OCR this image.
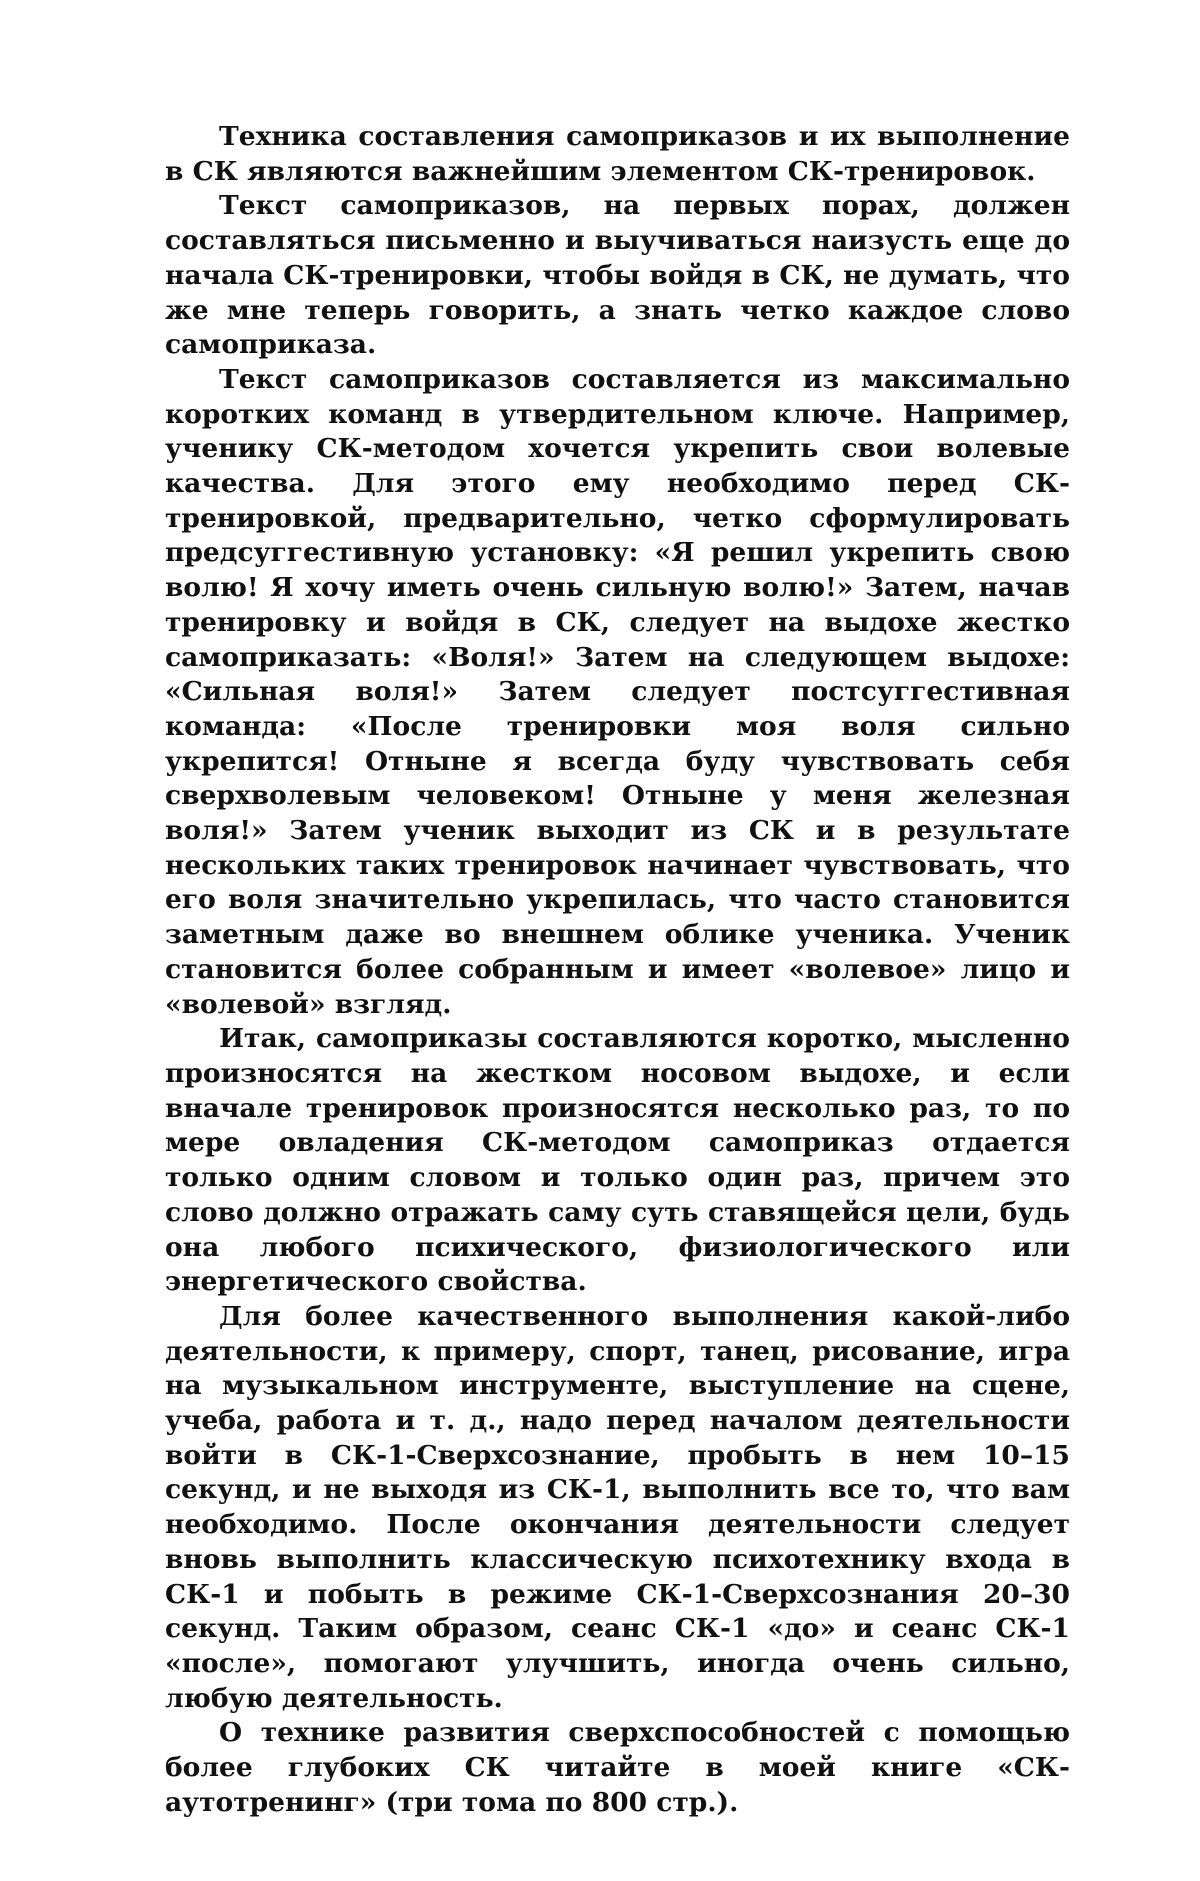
Техника составления самоприказов и их выполнение в СК являются важнейшим элементом СК-тренировок.

Текст самоприказов, на первых порах, должен составляться письменно и выучиваться наизусть еще до начала СК-тренировки, чтобы войдя в СК, не думать, что же мне теперь говорить, а знать четко каждое слово самоприказа.

Текст самоприказов составляется из максимально коротких команд в утвердительном ключе. Например, ученику СК-методом хочется укрепить свои волевые качества. Для этого ему необходимо перед СК-тренировкой, предварительно, четко сформулировать предсуггестивную установку: «Я решил укрепить свою волю! Я хочу иметь очень сильную волю!» Затем, начав тренировку и войдя в СК, следует на выдохе жестко самоприказать: «Воля!» Затем на следующем выдохе: «Сильная воля!» Затем следует постсуггестивная команда: «После тренировки моя воля сильно укрепится! Отныне я всегда буду чувствовать себя сверхволевым человеком! Отныне у меня железная воля!» Затем ученик выходит из СК и в результате нескольких таких тренировок начинает чувствовать, что его воля значительно укрепилась, что часто становится заметным даже во внешнем облике ученика. Ученик становится более собранным и имеет «волевое» лицо и «волевой» взгляд.

Итак, самоприказы составляются коротко, мысленно произносятся на жестком носовом выдохе, и если вначале тренировок произносятся несколько раз, то по мере овладения СК-методом самоприказ отдается только одним словом и только один раз, причем это слово должно отражать саму суть ставящейся цели, будь она любого психического, физиологического или энергетического свойства.

Для более качественного выполнения какой-либо деятельности, к примеру, спорт, танец, рисование, игра на музыкальном инструменте, выступление на сцене, учеба, работа и т. д., надо перед началом деятельности войти в СК-1-Сверхсознание, пробыть в нем 10–15 секунд, и не выходя из СК-1, выполнить все то, что вам необходимо. После окончания деятельности следует вновь выполнить классическую психотехнику входа в СК-1 и побыть в режиме СК-1-Сверхсознания 20–30 секунд. Таким образом, сеанс СК-1 «до» и сеанс СК-1 «после», помогают улучшить, иногда очень сильно, любую деятельность.

О технике развития сверхспособностей с помощью более глубоких СК читайте в моей книге «СК-аутотренинг» (три тома по 800 стр.).
